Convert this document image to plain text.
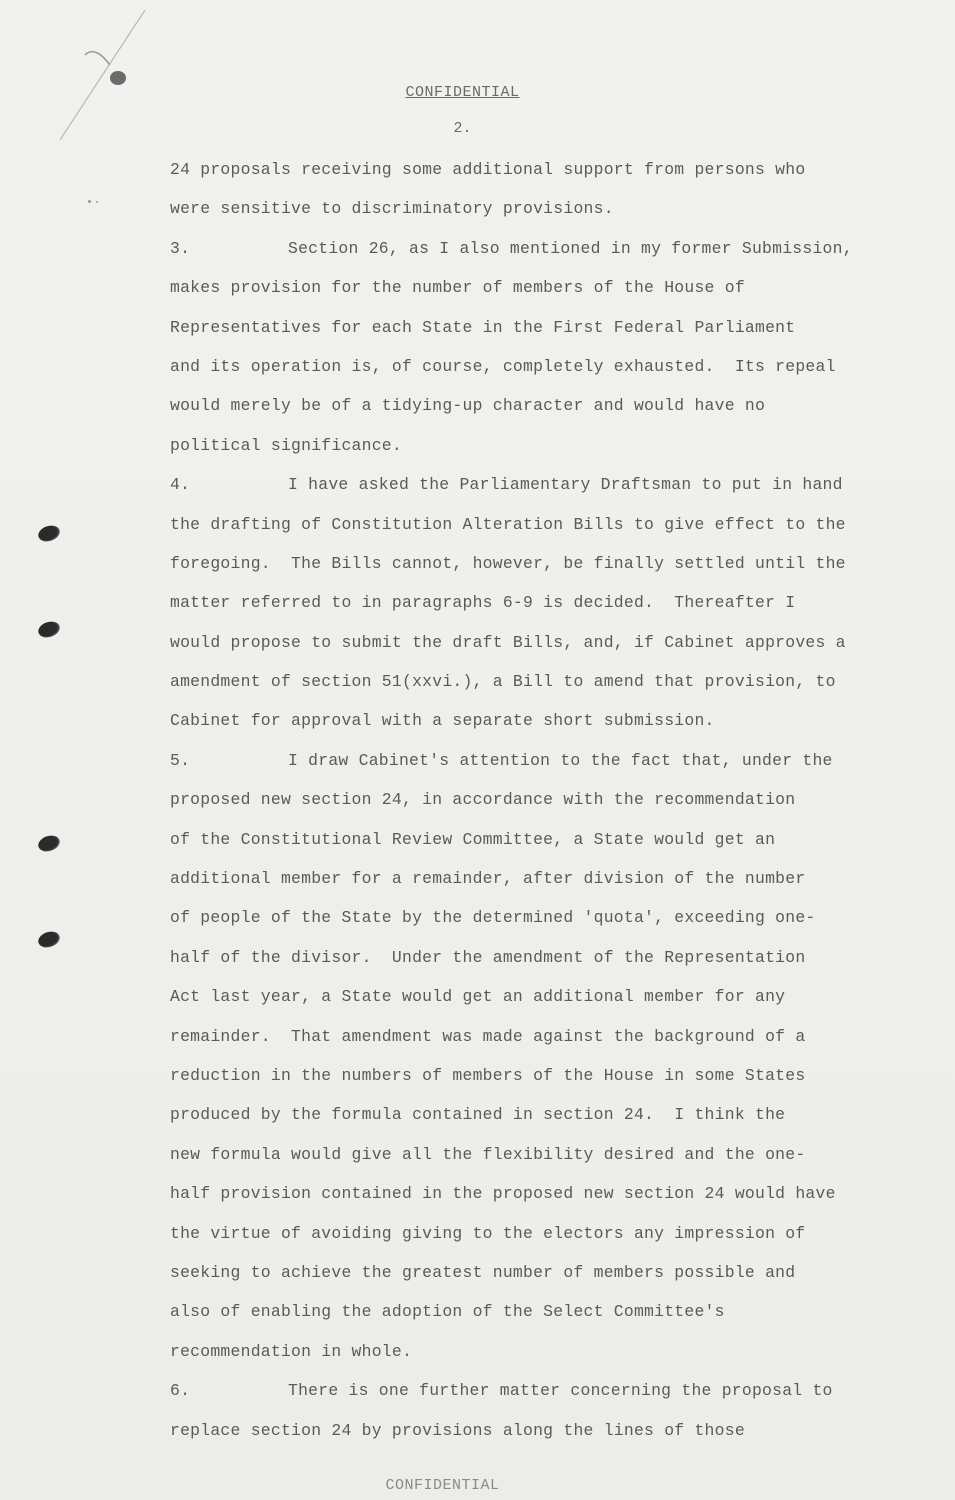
CONFIDENTIAL
2.
24 proposals receiving some additional support from persons who
were sensitive to discriminatory provisions.
3.	Section 26, as I also mentioned in my former Submission,
makes provision for the number of members of the House of
Representatives for each State in the First Federal Parliament
and its operation is, of course, completely exhausted.  Its repeal
would merely be of a tidying-up character and would have no
political significance.
4.	I have asked the Parliamentary Draftsman to put in hand
the drafting of Constitution Alteration Bills to give effect to the
foregoing.  The Bills cannot, however, be finally settled until the
matter referred to in paragraphs 6-9 is decided.  Thereafter I
would propose to submit the draft Bills, and, if Cabinet approves a
amendment of section 51(xxvi.), a Bill to amend that provision, to
Cabinet for approval with a separate short submission.
5.	I draw Cabinet's attention to the fact that, under the
proposed new section 24, in accordance with the recommendation
of the Constitutional Review Committee, a State would get an
additional member for a remainder, after division of the number
of people of the State by the determined 'quota', exceeding one-
half of the divisor.  Under the amendment of the Representation
Act last year, a State would get an additional member for any
remainder.  That amendment was made against the background of a
reduction in the numbers of members of the House in some States
produced by the formula contained in section 24.  I think the
new formula would give all the flexibility desired and the one-
half provision contained in the proposed new section 24 would have
the virtue of avoiding giving to the electors any impression of
seeking to achieve the greatest number of members possible and
also of enabling the adoption of the Select Committee's
recommendation in whole.
6.	There is one further matter concerning the proposal to
replace section 24 by provisions along the lines of those
CONFIDENTIAL
